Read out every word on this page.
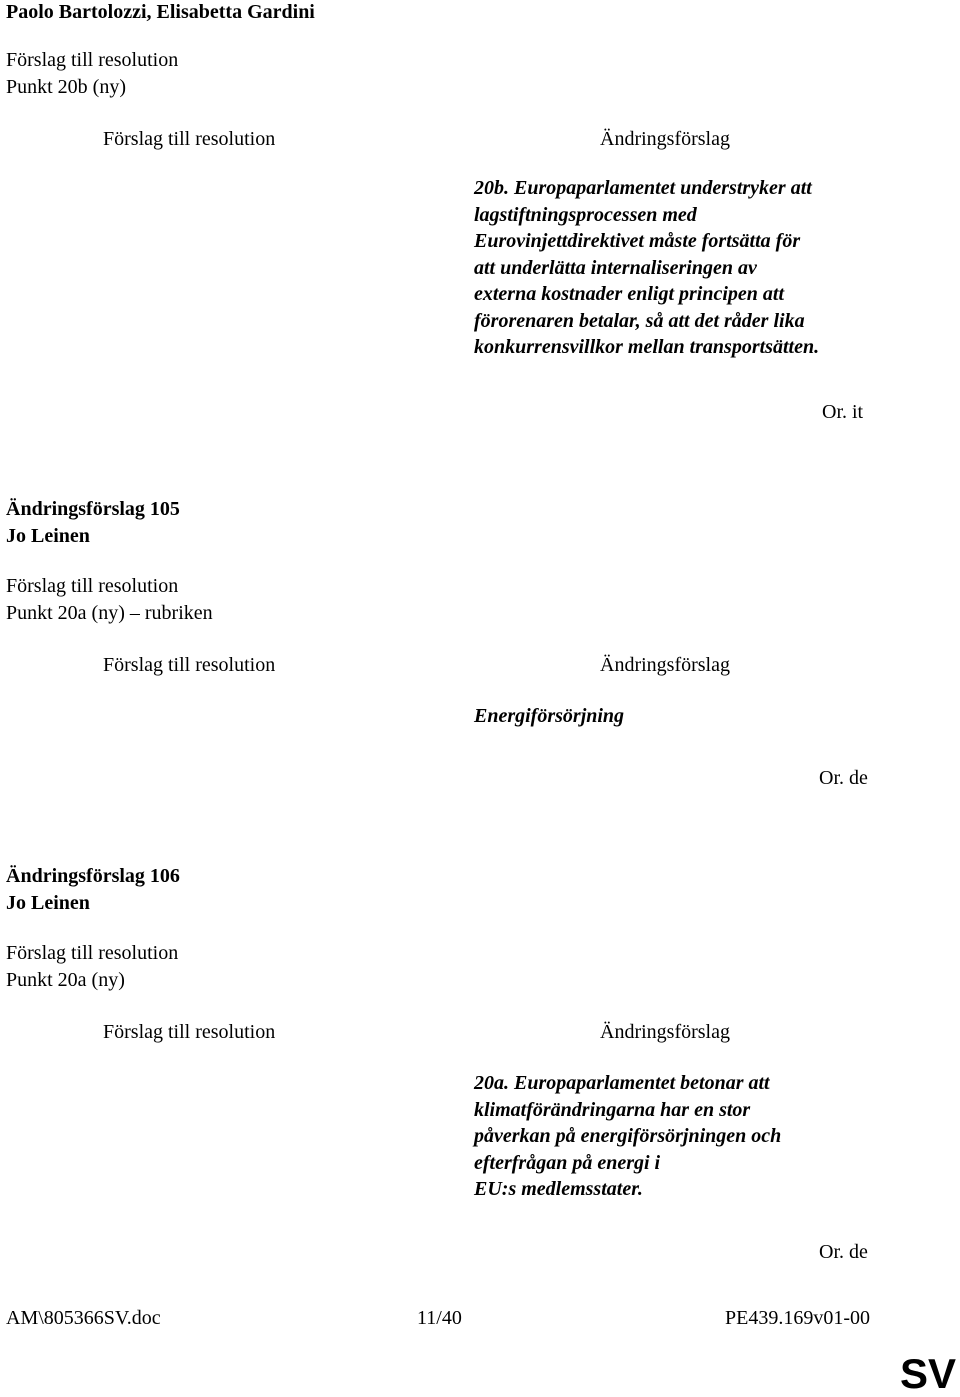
Paolo Bartolozzi, Elisabetta Gardini
Förslag till resolution
Punkt 20b (ny)
Förslag till resolution	Ändringsförslag
20b. Europaparlamentet understryker att
lagstiftningsprocessen med
Eurovinjettdirektivet måste fortsätta för
att underlätta internaliseringen av
externa kostnader enligt principen att
förorenaren betalar, så att det råder lika
konkurrensvillkor mellan transportsätten.
Or. it
Ändringsförslag 105
Jo Leinen
Förslag till resolution
Punkt 20a (ny) – rubriken
Förslag till resolution	Ändringsförslag
Energiförsörjning
Or. de
Ändringsförslag 106
Jo Leinen
Förslag till resolution
Punkt 20a (ny)
Förslag till resolution	Ändringsförslag
20a. Europaparlamentet betonar att
klimatförändringarna har en stor
påverkan på energiförsörjningen och
efterfrågan på energi i
EU:s medlemsstater.
Or. de
AM\805366SV.doc	11/40	PE439.169v01-00
SV
